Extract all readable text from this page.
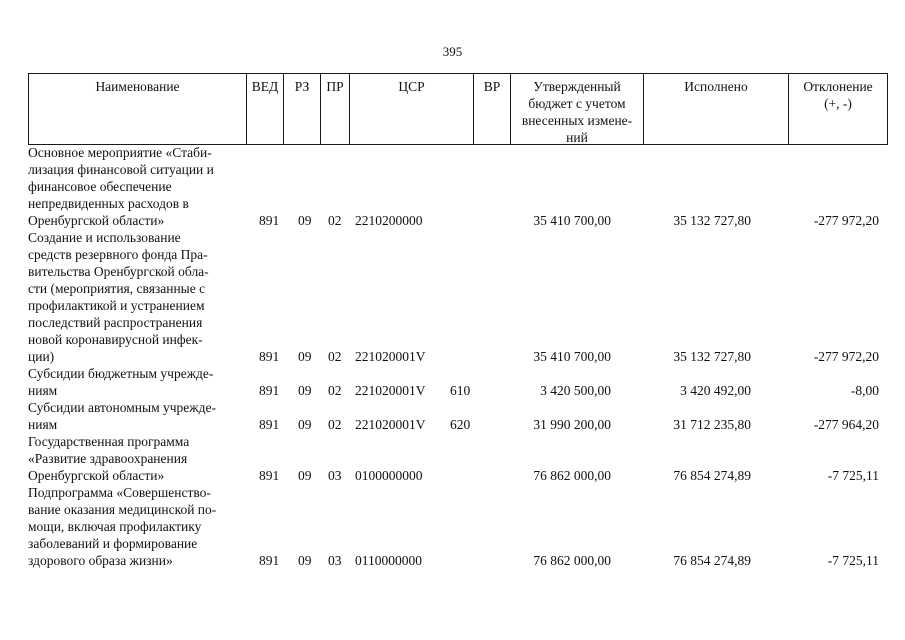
395
Наименование	ВЕД	РЗ	ПР	ЦСР	ВР	Утвержденный
бюджет с учетом
внесенных измене-
ний
Исполнено	Отклонение
(+, -)
Основное мероприятие «Стаби-
лизация финансовой ситуации и
финансовое обеспечение
непредвиденных расходов в
Оренбургской области»	891 09 02 2210200000	35 410 700,00	35 132 727,80	-277 972,20
Создание и использование
средств резервного фонда Пра-
вительства Оренбургской обла-
сти (мероприятия, связанные с
профилактикой и устранением
последствий распространения
новой коронавирусной инфек-
ции)	891 09 02 221020001V	35 410 700,00	35 132 727,80	-277 972,20
Субсидии бюджетным учрежде-
ниям	891 09 02 221020001V 610	3 420 500,00	3 420 492,00	-8,00
Субсидии автономным учрежде-
ниям	891 09 02 221020001V 620	31 990 200,00	31 712 235,80	-277 964,20
Государственная программа
«Развитие здравоохранения
Оренбургской области»	891 09 03 0100000000	76 862 000,00	76 854 274,89	-7 725,11
Подпрограмма «Совершенство-
вание оказания медицинской по-
мощи, включая профилактику
заболеваний и формирование
здорового образа жизни»	891 09 03 0110000000	76 862 000,00	76 854 274,89	-7 725,11
